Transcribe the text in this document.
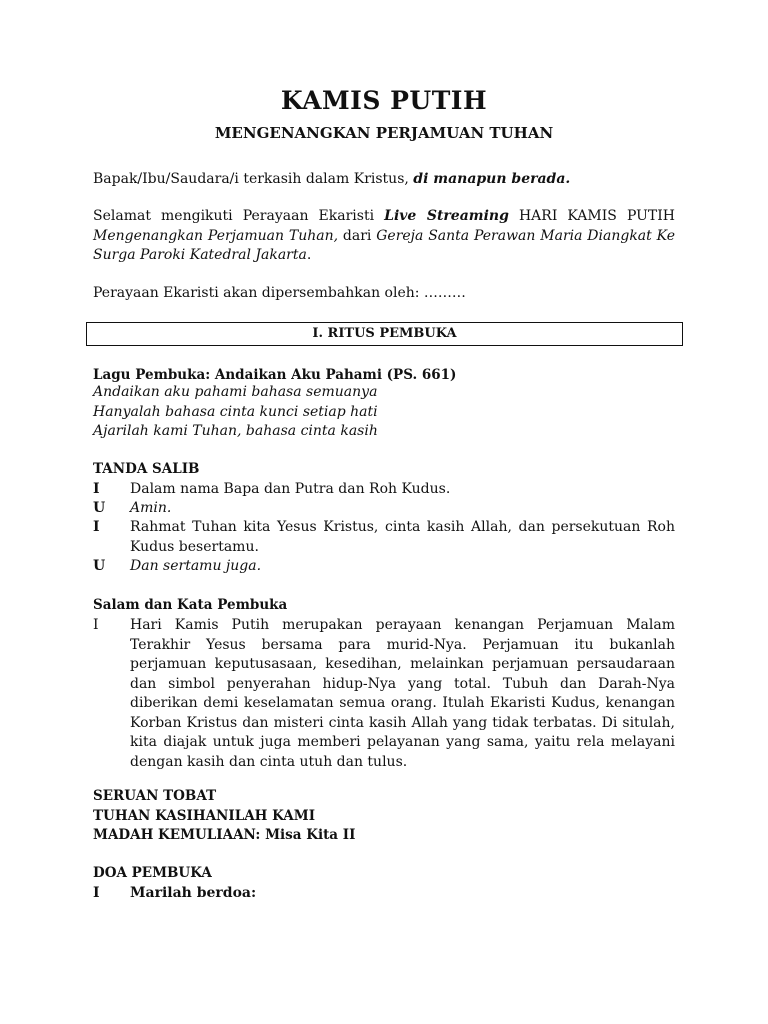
KAMIS PUTIH
MENGENANGKAN PERJAMUAN TUHAN
Bapak/Ibu/Saudara/i terkasih dalam Kristus, di manapun berada.
Selamat mengikuti Perayaan Ekaristi Live Streaming HARI KAMIS PUTIH Mengenangkan Perjamuan Tuhan, dari Gereja Santa Perawan Maria Diangkat Ke Surga Paroki Katedral Jakarta.
Perayaan Ekaristi akan dipersembahkan oleh: ………
I. RITUS PEMBUKA
Lagu Pembuka: Andaikan Aku Pahami (PS. 661)
Andaikan aku pahami bahasa semuanya
Hanyalah bahasa cinta kunci setiap hati
Ajarilah kami Tuhan, bahasa cinta kasih
TANDA SALIB
I	Dalam nama Bapa dan Putra dan Roh Kudus.
U	Amin.
I	Rahmat Tuhan kita Yesus Kristus, cinta kasih Allah, dan persekutuan Roh Kudus besertamu.
U	Dan sertamu juga.
Salam dan Kata Pembuka
I	Hari Kamis Putih merupakan perayaan kenangan Perjamuan Malam Terakhir Yesus bersama para murid-Nya. Perjamuan itu bukanlah perjamuan keputusasaan, kesedihan, melainkan perjamuan persaudaraan dan simbol penyerahan hidup-Nya yang total. Tubuh dan Darah-Nya diberikan demi keselamatan semua orang. Itulah Ekaristi Kudus, kenangan Korban Kristus dan misteri cinta kasih Allah yang tidak terbatas. Di situlah, kita diajak untuk juga memberi pelayanan yang sama, yaitu rela melayani dengan kasih dan cinta utuh dan tulus.
SERUAN TOBAT
TUHAN KASIHANILAH KAMI
MADAH KEMULIAAN: Misa Kita II
DOA PEMBUKA
I	Marilah berdoa:
